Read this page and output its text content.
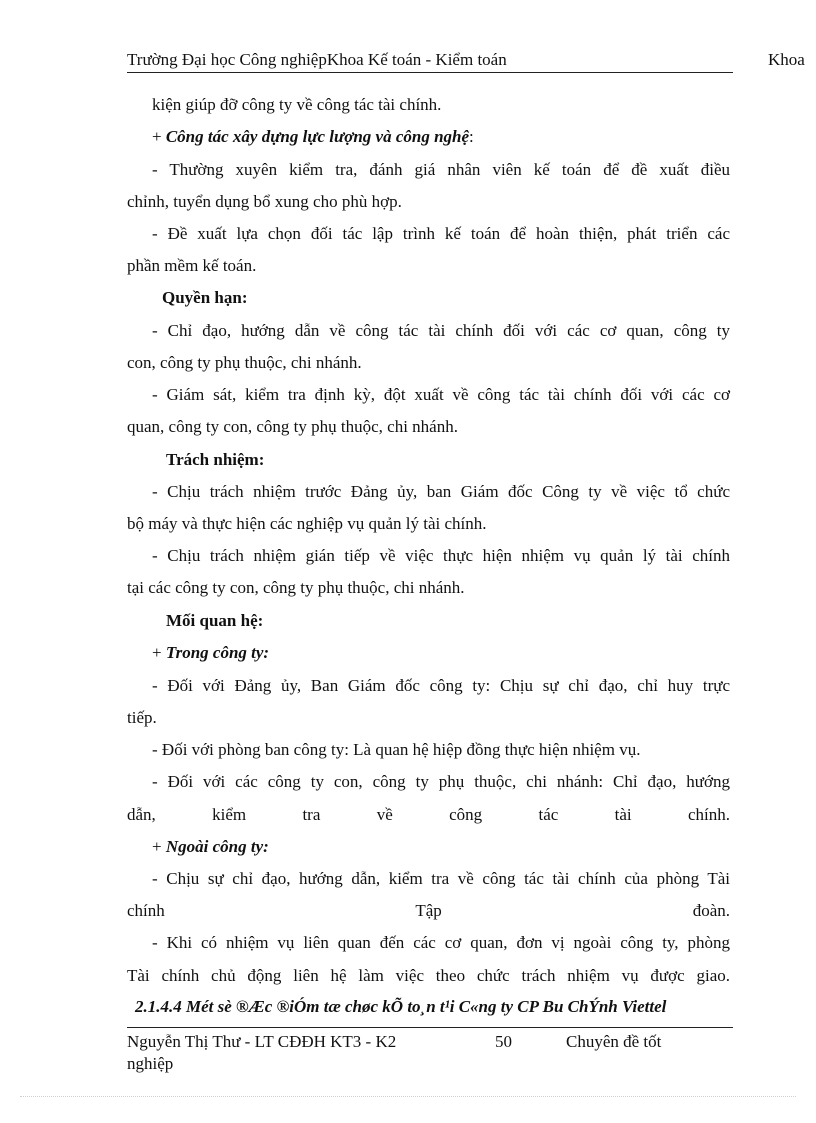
Trường Đại học Công nghiệpKhoa Kế toán - Kiểm toán	Khoa
kiện giúp đỡ công ty về công tác tài chính.
+ Công tác xây dựng lực lượng và công nghệ:
- Thường xuyên kiểm tra, đánh giá nhân viên kế toán để đề xuất điều
chỉnh, tuyển dụng bổ xung cho phù hợp.
- Đề xuất lựa chọn đối tác lập trình kế toán để hoàn thiện, phát triển các
phần mềm kế toán.
Quyền hạn:
- Chỉ đạo, hướng dẫn về công tác tài chính đối với các cơ quan, công ty
con, công ty phụ thuộc, chi nhánh.
- Giám sát, kiểm tra định kỳ, đột xuất về công tác tài chính đối với các cơ
quan, công ty con, công ty phụ thuộc, chi nhánh.
Trách nhiệm:
- Chịu trách nhiệm trước Đảng ủy, ban Giám đốc Công ty về việc tổ chức
bộ máy và thực hiện các nghiệp vụ quản lý tài chính.
- Chịu trách nhiệm gián tiếp về việc thực hiện nhiệm vụ quản lý tài chính
tại các công ty con, công ty phụ thuộc, chi nhánh.
Mối quan hệ:
+ Trong công ty:
- Đối với Đảng ủy, Ban Giám đốc công ty: Chịu sự chỉ đạo, chỉ huy trực
tiếp.
- Đối với phòng ban công ty: Là quan hệ hiệp đồng thực hiện nhiệm vụ.
- Đối với các công ty con, công ty phụ thuộc, chi nhánh: Chỉ đạo, hướng
dẫn, kiểm tra về công tác tài chính.
+ Ngoài công ty:
- Chịu sự chỉ đạo, hướng dẫn, kiểm tra về công tác tài chính của phòng Tài
chính Tập đoàn.
- Khi có nhiệm vụ liên quan đến các cơ quan, đơn vị ngoài công ty, phòng
Tài chính chủ động liên hệ làm việc theo chức trách nhiệm vụ được giao.
2.1.4.4 Mét sè ®Æc ®iÓm tæ chøc kÕ to¸n t¹i C«ng ty CP Bu ChÝnh Viettel
Nguyễn Thị Thư - LT CĐĐH KT3 - K2	50	Chuyên đề tốt
nghiệp
